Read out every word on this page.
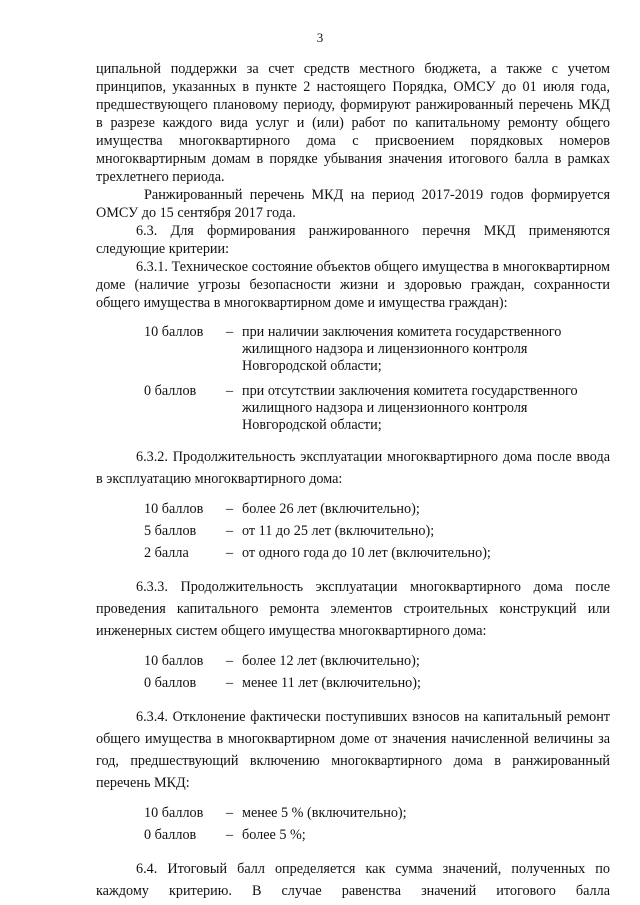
3

ципальной поддержки за счет средств местного бюджета, а также с учетом принципов, указанных в пункте 2 настоящего Порядка, ОМСУ до 01 июля года, предшествующего плановому периоду, формируют ранжированный перечень МКД в разрезе каждого вида услуг и (или) работ по капитальному ремонту общего имущества многоквартирного дома с присвоением порядковых номеров многоквартирным домам в порядке убывания значения итогового балла в рамках трехлетнего периода.

Ранжированный перечень МКД на период 2017-2019 годов формируется ОМСУ до 15 сентября 2017 года.

6.3. Для формирования ранжированного перечня МКД применяются следующие критерии:

6.3.1. Техническое состояние объектов общего имущества в многоквартирном доме (наличие угрозы безопасности жизни и здоровью граждан, сохранности общего имущества в многоквартирном доме и имущества граждан):

10 баллов	– при наличии заключения комитета государственного жилищного надзора и лицензионного контроля Новгородской области;
0 баллов	– при отсутствии заключения комитета государственного жилищного надзора и лицензионного контроля Новгородской области;

6.3.2. Продолжительность эксплуатации многоквартирного дома после ввода в эксплуатацию многоквартирного дома:

10 баллов	– более 26 лет (включительно);
5 баллов	– от 11 до 25 лет (включительно);
2 балла	– от одного года до 10 лет (включительно);

6.3.3. Продолжительность эксплуатации многоквартирного дома после проведения капитального ремонта элементов строительных конструкций или инженерных систем общего имущества многоквартирного дома:

10 баллов	– более 12 лет (включительно);
0 баллов	– менее 11 лет (включительно);

6.3.4. Отклонение фактически поступивших взносов на капитальный ремонт общего имущества в многоквартирном доме от значения начисленной величины за год, предшествующий включению многоквартирного дома в ранжированный перечень МКД:

10 баллов	– менее 5 % (включительно);
0 баллов	– более 5 %;

6.4. Итоговый балл определяется как сумма значений, полученных по каждому критерию. В случае равенства значений итогового балла
